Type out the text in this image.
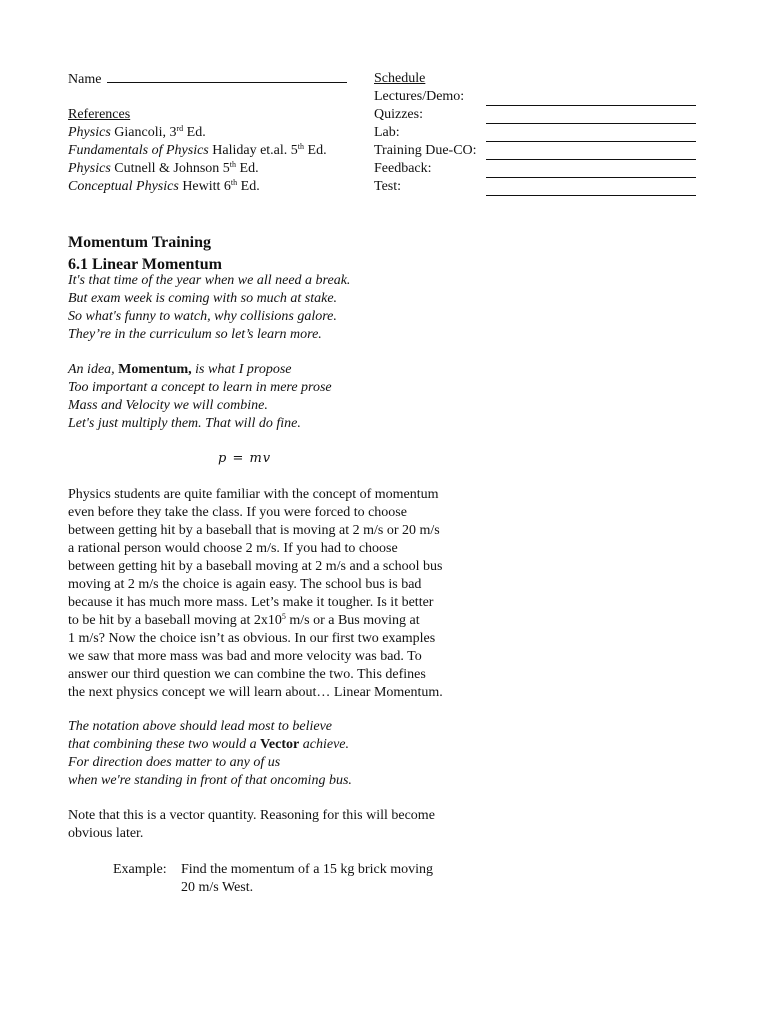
Name
References
Physics Giancoli, 3rd Ed.
Fundamentals of Physics Haliday et.al. 5th Ed.
Physics Cutnell & Johnson 5th Ed.
Conceptual Physics Hewitt 6th Ed.
Schedule
Lectures/Demo:
Quizzes:
Lab:
Training Due-CO:
Feedback:
Test:
Momentum Training
6.1 Linear Momentum
It's that time of the year when we all need a break.
But exam week is coming with so much at stake.
So what's funny to watch, why collisions galore.
They’re in the curriculum so let’s learn more.
An idea, Momentum, is what I propose
Too important a concept to learn in mere prose
Mass and Velocity we will combine.
Let's just multiply them. That will do fine.
p = mv
Physics students are quite familiar with the concept of momentum
even before they take the class. If you were forced to choose
between getting hit by a baseball that is moving at 2 m/s or 20 m/s
a rational person would choose 2 m/s. If you had to choose
between getting hit by a baseball moving at 2 m/s and a school bus
moving at 2 m/s the choice is again easy. The school bus is bad
because it has much more mass. Let’s make it tougher. Is it better
to be hit by a baseball moving at $2x10^5$ m/s or a Bus moving at
1 m/s? Now the choice isn’t as obvious. In our first two examples
we saw that more mass was bad and more velocity was bad. To
answer our third question we can combine the two. This defines
the next physics concept we will learn about… Linear Momentum.
The notation above should lead most to believe
that combining these two would a Vector achieve.
For direction does matter to any of us
when we're standing in front of that oncoming bus.
Note that this is a vector quantity. Reasoning for this will become
obvious later.
Example: Find the momentum of a 15 kg brick moving
20 m/s West.
